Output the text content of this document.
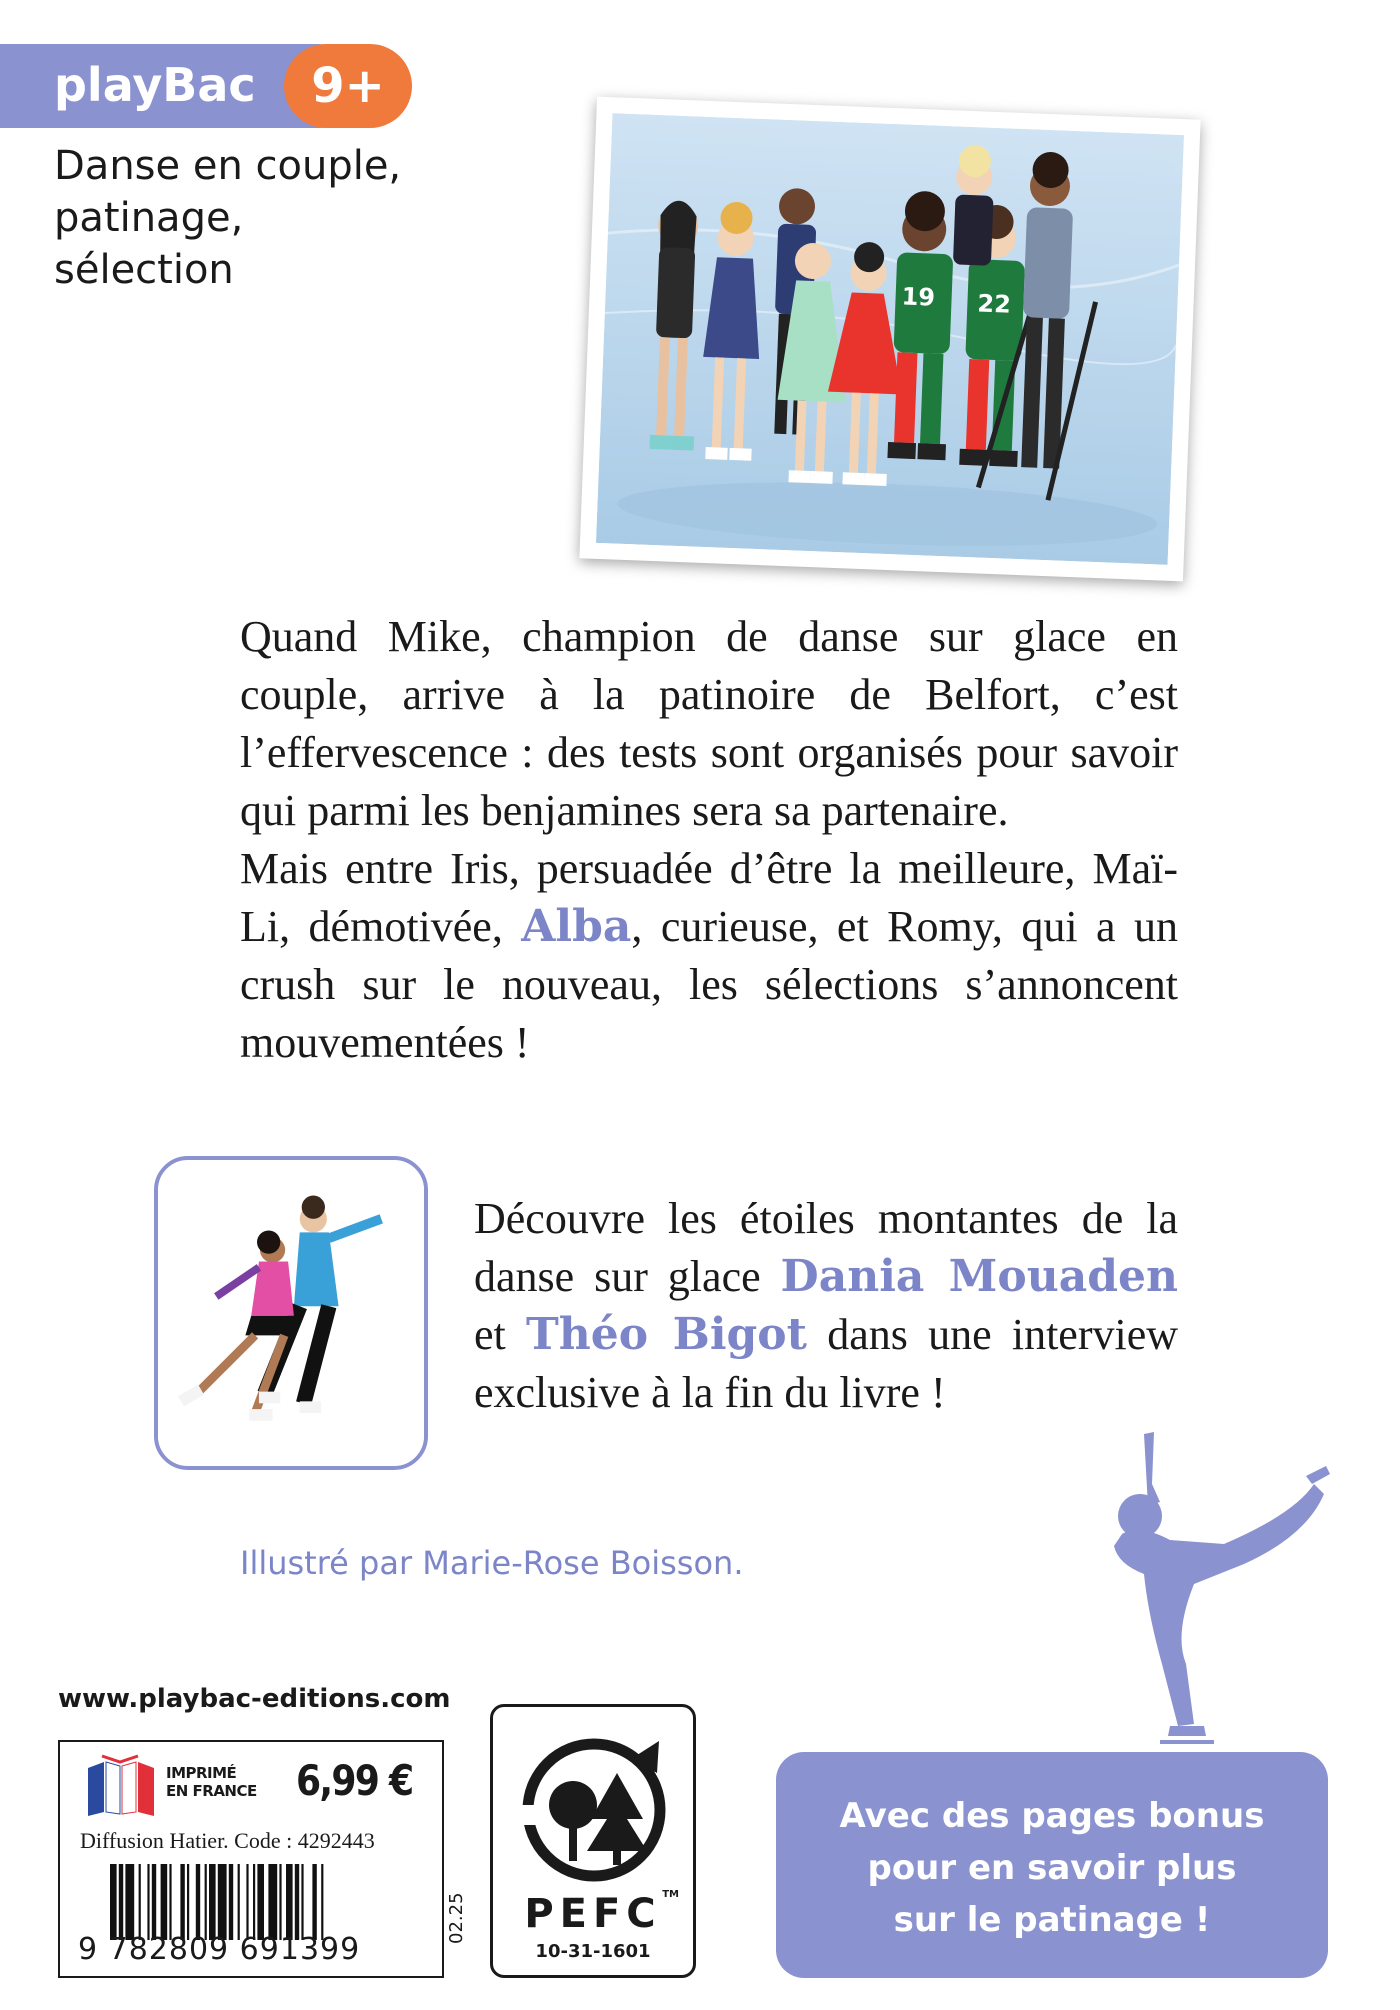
playBac	9+
Danse en couple,
patinage,
sélection
19 22

Quand Mike, champion de danse sur glace en couple, arrive à la patinoire de Belfort, c’est l’effervescence : des tests sont organisés pour savoir qui parmi les benjamines sera sa partenaire.

Mais entre Iris, persuadée d’être la meilleure, Maï-Li, démotivée, Alba, curieuse, et Romy, qui a un crush sur le nouveau, les sélections s’annoncent mouvementées !

Découvre les étoiles montantes de la danse sur glace Dania Mouaden et Théo Bigot dans une interview exclusive à la fin du livre !
Illustré par Marie-Rose Boisson.
www.playbac-editions.com
IMPRIMÉ
EN FRANCE 6,99 €
Diffusion Hatier. Code : 4292443
9 782809 691399
02.25	PEFC TM
10-31-1601
Avec des pages bonus
pour en savoir plus
sur le patinage !
